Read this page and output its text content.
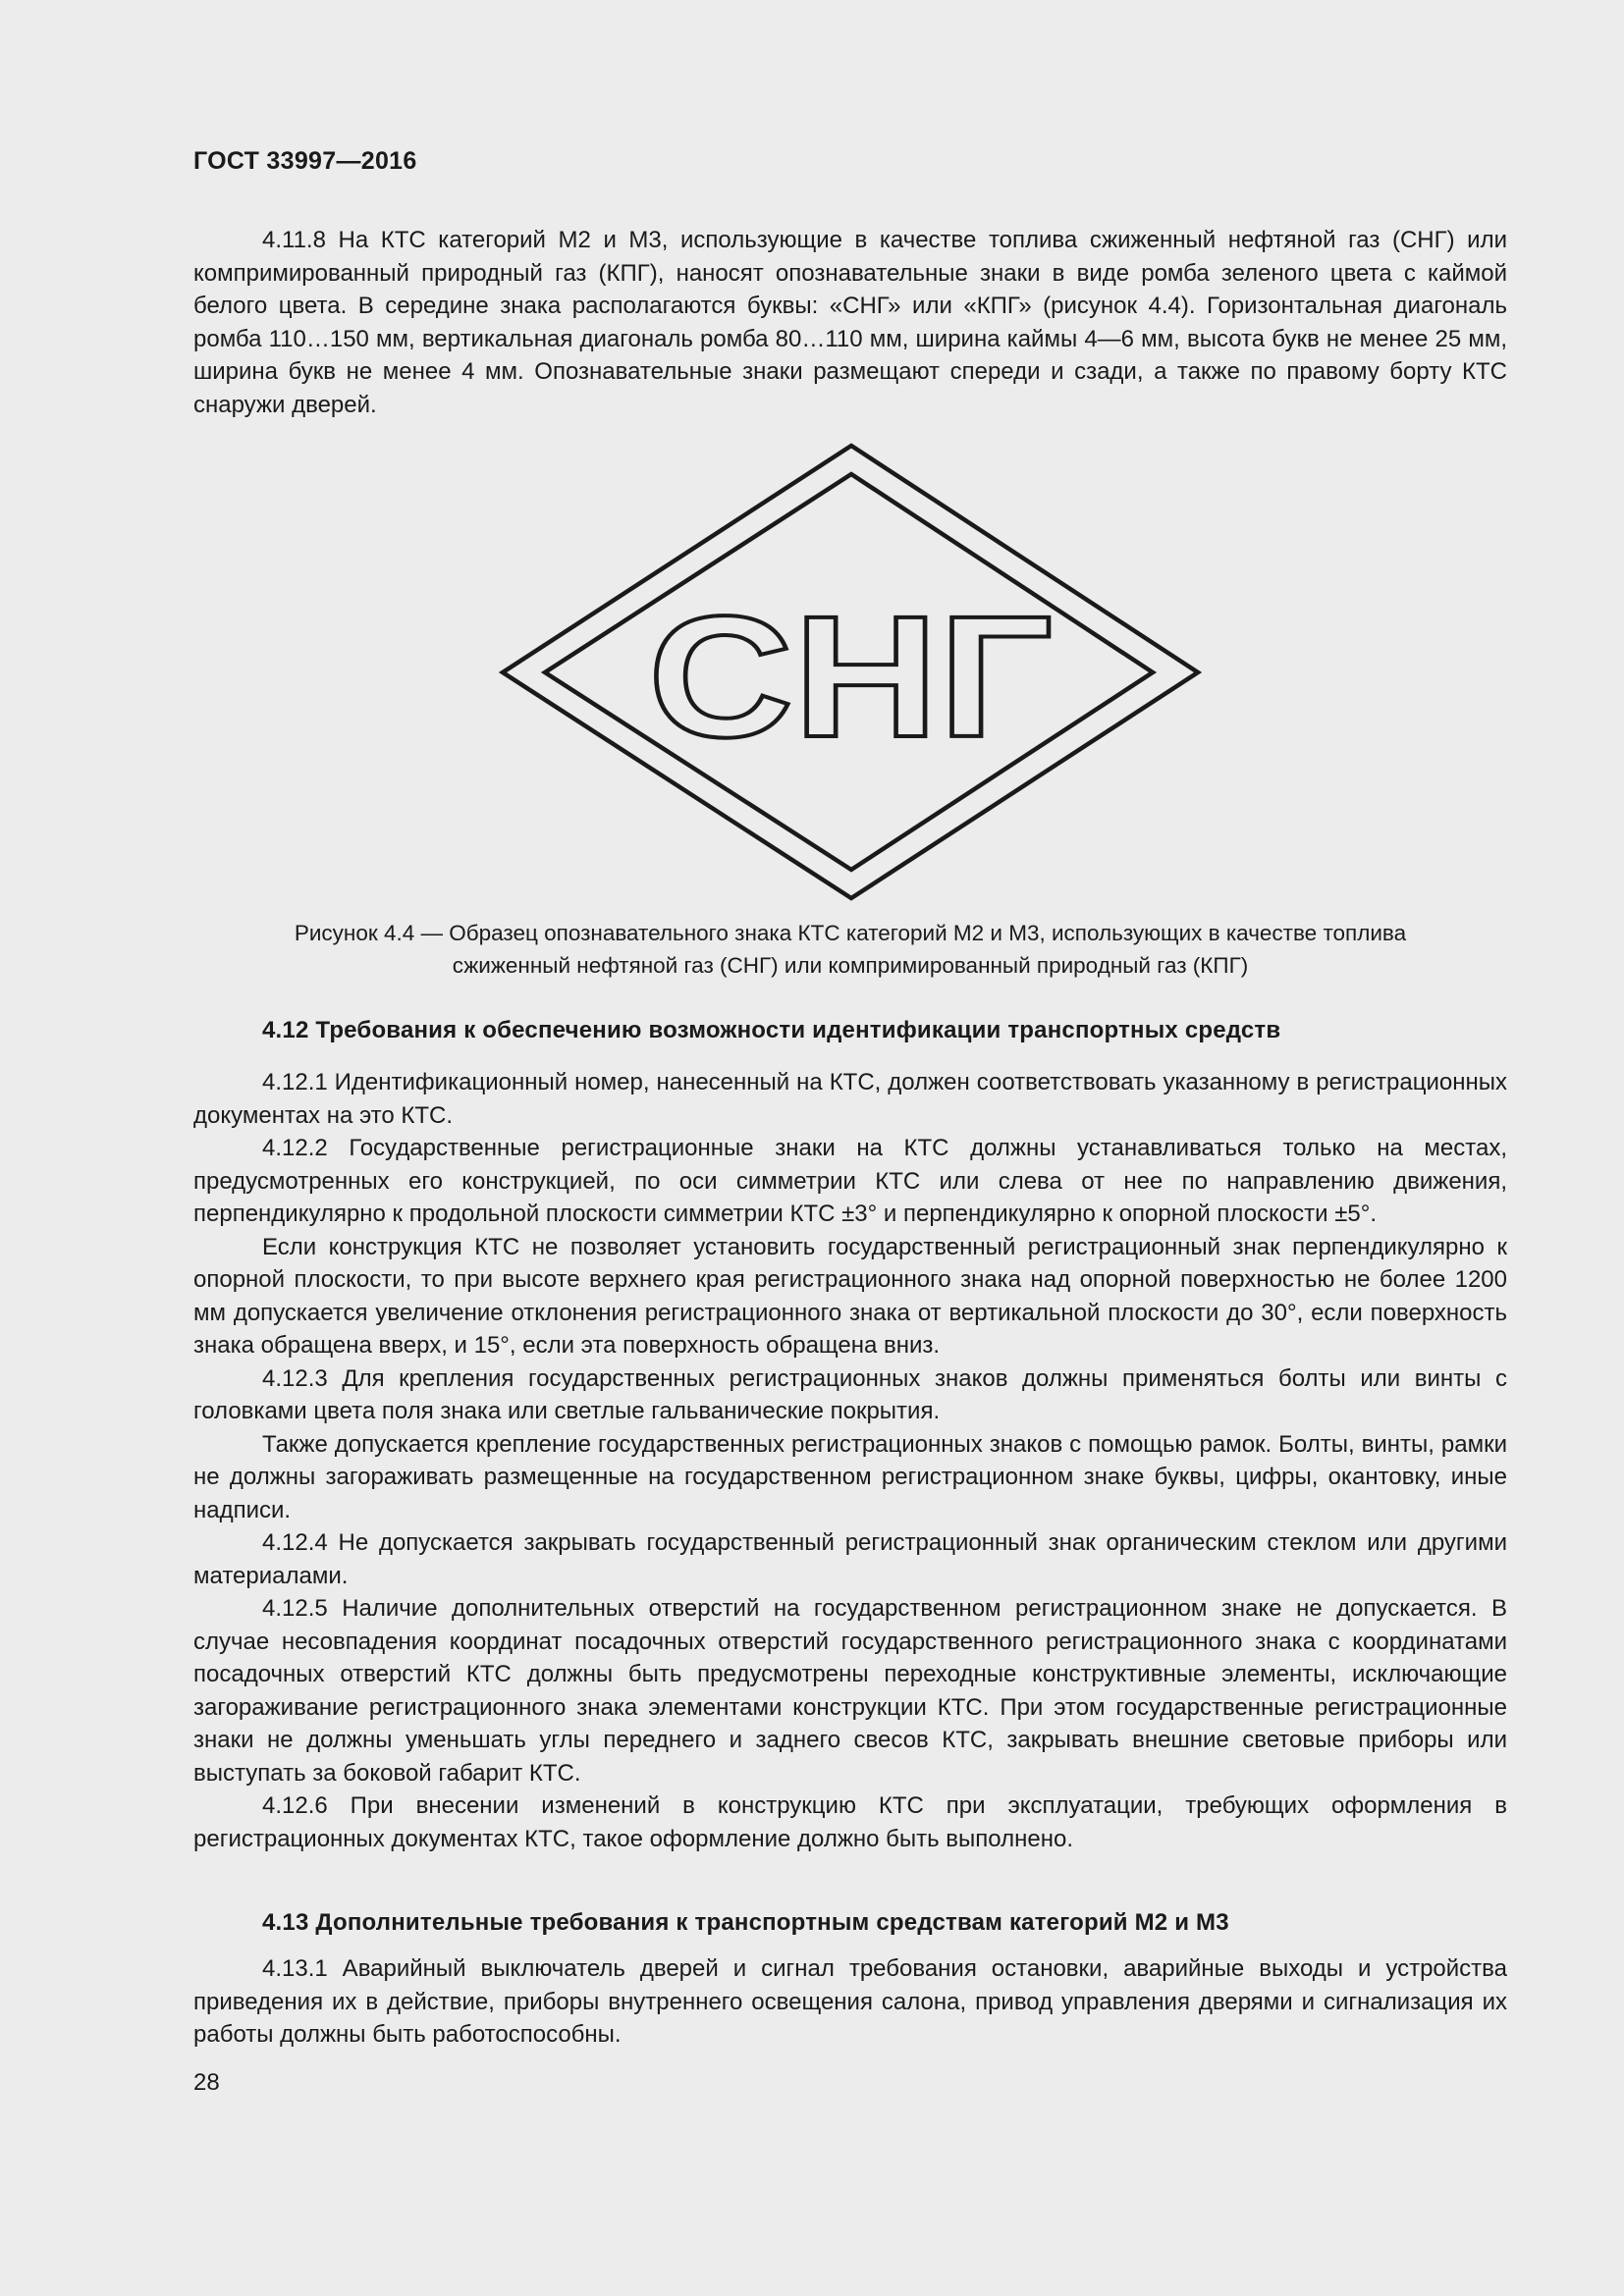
ГОСТ 33997—2016

4.11.8 На КТС категорий М2 и М3, использующие в качестве топлива сжиженный нефтяной газ (СНГ) или компримированный природный газ (КПГ), наносят опознавательные знаки в виде ромба зеленого цвета с каймой белого цвета. В середине знака располагаются буквы: «СНГ» или «КПГ» (рисунок 4.4). Горизонтальная диагональ ромба 110…150 мм, вертикальная диагональ ромба 80…110 мм, ширина каймы 4—6 мм, высота букв не менее 25 мм, ширина букв не менее 4 мм. Опознавательные знаки размещают спереди и сзади, а также по правому борту КТС снаружи дверей.

СНГ
Рисунок 4.4 — Образец опознавательного знака КТС категорий М2 и М3, использующих в качестве топлива
сжиженный нефтяной газ (СНГ) или компримированный природный газ (КПГ)
4.12 Требования к обеспечению возможности идентификации транспортных средств

4.12.1 Идентификационный номер, нанесенный на КТС, должен соответствовать указанному в регистрационных документах на это КТС.

4.12.2 Государственные регистрационные знаки на КТС должны устанавливаться только на местах, предусмотренных его конструкцией, по оси симметрии КТС или слева от нее по направлению движения, перпендикулярно к продольной плоскости симметрии КТС ±3° и перпендикулярно к опорной плоскости ±5°.

Если конструкция КТС не позволяет установить государственный регистрационный знак перпендикулярно к опорной плоскости, то при высоте верхнего края регистрационного знака над опорной поверхностью не более 1200 мм допускается увеличение отклонения регистрационного знака от вертикальной плоскости до 30°, если поверхность знака обращена вверх, и 15°, если эта поверхность обращена вниз.

4.12.3 Для крепления государственных регистрационных знаков должны применяться болты или винты с головками цвета поля знака или светлые гальванические покрытия.

Также допускается крепление государственных регистрационных знаков с помощью рамок. Болты, винты, рамки не должны загораживать размещенные на государственном регистрационном знаке буквы, цифры, окантовку, иные надписи.

4.12.4 Не допускается закрывать государственный регистрационный знак органическим стеклом или другими материалами.

4.12.5 Наличие дополнительных отверстий на государственном регистрационном знаке не допускается. В случае несовпадения координат посадочных отверстий государственного регистрационного знака с координатами посадочных отверстий КТС должны быть предусмотрены переходные конструктивные элементы, исключающие загораживание регистрационного знака элементами конструкции КТС. При этом государственные регистрационные знаки не должны уменьшать углы переднего и заднего свесов КТС, закрывать внешние световые приборы или выступать за боковой габарит КТС.

4.12.6 При внесении изменений в конструкцию КТС при эксплуатации, требующих оформления в регистрационных документах КТС, такое оформление должно быть выполнено.

4.13 Дополнительные требования к транспортным средствам категорий М2 и М3

4.13.1 Аварийный выключатель дверей и сигнал требования остановки, аварийные выходы и устройства приведения их в действие, приборы внутреннего освещения салона, привод управления дверями и сигнализация их работы должны быть работоспособны.

28
